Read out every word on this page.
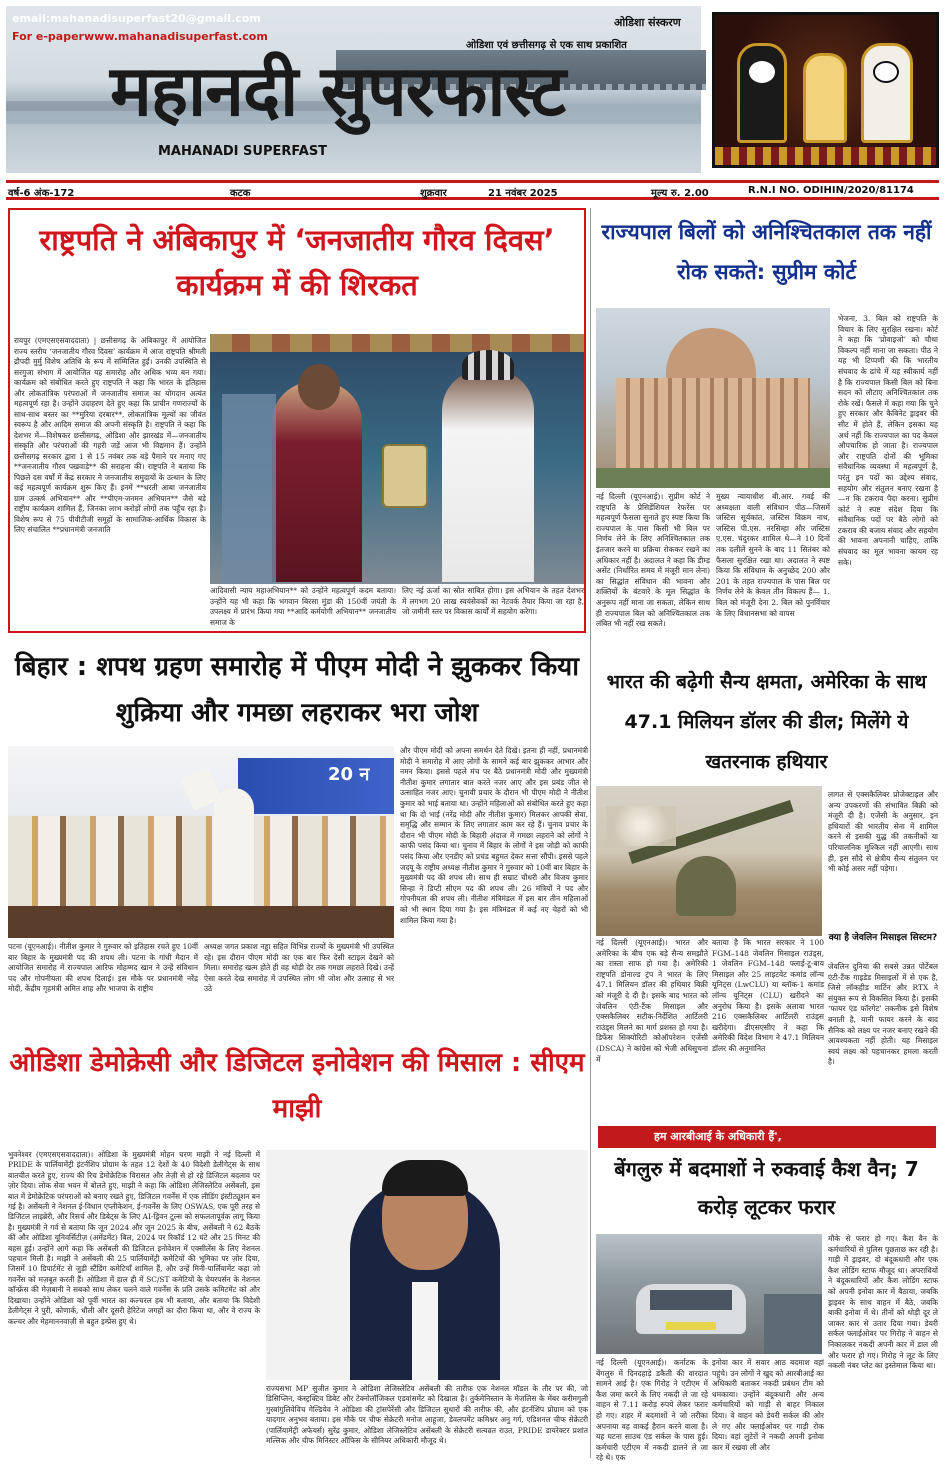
email:mahanadisuperfast20@gmail.com
For e-paperwww.mahanadisuperfast.com
ओडिशा संस्करण
ओडिशा एवं छत्तीसगढ़ से एक साथ प्रकाशित
महानदी सुपरफास्ट
MAHANADI SUPERFAST
वर्ष-6 अंक-172	कटक	शुक्रवार	21 नवंबर 2025	मूल्य रु. 2.00	R.N.I NO. ODIHIN/2020/81174
राष्ट्रपति ने अंबिकापुर में ‘जनजातीय गौरव दिवस’ कार्यक्रम में की शिरकत
रायपुर (एमएसएसवाददाता) | छत्तीसगढ़ के अंबिकापुर में आयोजित राज्य स्तरीय ‘जनजातीय गौरव दिवस’ कार्यक्रम में आज राष्ट्रपति श्रीमती द्रौपदी मुर्मु विशेष अतिथि के रूप में सम्मिलित हुईं। उनकी उपस्थिति से सरगुजा संभाग में आयोजित यह समारोह और अधिक भव्य बन गया। कार्यक्रम को संबोधित करते हुए राष्ट्रपति ने कहा कि भारत के इतिहास और लोकतांत्रिक परंपराओं में जनजातीय समाज का योगदान अत्यंत महत्वपूर्ण रहा है। उन्होंने उदाहरण देते हुए कहा कि प्राचीन गणराज्यों के साथ-साथ बस्तर का **मुरिया दरबार**, लोकतांत्रिक मूल्यों का जीवंत स्वरूप है और आदिम समाज की अपनी संस्कृति है। राष्ट्रपति ने कहा कि देशभर में—विशेषकर छत्तीसगढ़, ओडिशा और झारखंड में—जनजातीय संस्कृति और परंपराओं की गहरी जड़ें आज भी विद्यमान हैं। उन्होंने छत्तीसगढ़ सरकार द्वारा 1 से 15 नवंबर तक बड़े पैमाने पर मनाए गए **जनजातीय गौरव पखवाड़े** की सराहना की। राष्ट्रपति ने बताया कि पिछले दस वर्षों में केंद्र सरकार ने जनजातीय समुदायों के उत्थान के लिए कई महत्वपूर्ण कार्यक्रम शुरू किए हैं। इनमें **धरती आबा जनजातीय ग्राम उत्कर्ष अभियान** और **पीएम-जनमन अभियान** जैसे बड़े राष्ट्रीय कार्यक्रम शामिल हैं, जिनका लाभ करोड़ों लोगों तक पहुँच रहा है। विशेष रूप से 75 पीवीटीजी समूहों के सामाजिक-आर्थिक विकास के लिए संचालित **प्रधानमंत्री जनजाति
आदिवासी न्याय महाअभियान** को उन्होंने महत्वपूर्ण कदम बताया। उन्होंने यह भी कहा कि भगवान बिरसा मुंडा की 150वीं जयंती के उपलक्ष्य में प्रारंभ किया गया **आदि कर्मयोगी अभियान** जनजातीय समाज के
लिए नई ऊर्जा का स्रोत साबित होगा। इस अभियान के तहत देशभर में लगभग 20 लाख स्वयंसेवकों का नेटवर्क तैयार किया जा रहा है, जो जमीनी स्तर पर विकास कार्यों में सहयोग करेगा।
राज्यपाल बिलों को अनिश्चितकाल तक नहीं रोक सकते: सुप्रीम कोर्ट
भेजना, 3. बिल को राष्ट्रपति के विचार के लिए सुरक्षित रखना। कोर्ट ने कहा कि ‘प्रोवाइजो’ को चौथा विकल्प नहीं माना जा सकता। पीठ ने यह भी टिप्पणी की कि भारतीय संघवाद के ढांचे में यह स्वीकार्य नहीं है कि राज्यपाल किसी बिल को बिना सदन को लौटाए अनिश्चितकाल तक रोके रखें। फैसले में कहा गया कि चुने हुए सरकार और कैबिनेट ड्राइवर की सीट में होते हैं, लेकिन इसका यह अर्थ नहीं कि राज्यपाल का पद केवल औपचारिक हो जाता है। राज्यपाल और राष्ट्रपति दोनों की भूमिका संवैधानिक व्यवस्था में महत्वपूर्ण है, परंतु इन पदों का उद्देश्य संवाद, सहयोग और संतुलन बनाए रखना है—न कि टकराव पैदा करना। सुप्रीम कोर्ट ने स्पष्ट संदेश दिया कि संवैधानिक पदों पर बैठे लोगों को टकराव की बजाय संवाद और सहयोग की भावना अपनानी चाहिए, ताकि संघवाद का मूल भावना कायम रह सके।
नई दिल्ली (यूएनआई)। सुप्रीम कोर्ट ने राष्ट्रपति के प्रेसिडेंशियल रेफरेंस पर महत्वपूर्ण फैसला सुनाते हुए स्पष्ट किया कि राज्यपाल के पास किसी भी बिल पर निर्णय लेने के लिए अनिश्चितकाल तक इंतजार करने या प्रक्रिया रोककर रखने का अधिकार नहीं है। अदालत ने कहा कि डीम्ड असेंट (निर्धारित समय में मंजूरी मान लेना) का सिद्धांत संविधान की भावना और शक्तियों के बंटवारे के मूल सिद्धांत के अनुरूप नहीं माना जा सकता, लेकिन साथ ही राज्यपाल बिल को अनिश्चितकाल तक लंबित भी नहीं रख सकते।
मुख्य न्यायाधीश बी.आर. गवई की अध्यक्षता वाली संविधान पीठ—जिसमें जस्टिस सूर्यकांत, जस्टिस विक्रम नाथ, जस्टिस पी.एस. नरसिम्हा और जस्टिस ए.एस. चंदुरकर शामिल थे—ने 10 दिनों तक दलीलें सुनने के बाद 11 सितंबर को फैसला सुरक्षित रखा था। अदालत ने स्पष्ट किया कि संविधान के अनुच्छेद 200 और 201 के तहत राज्यपाल के पास बिल पर निर्णय लेने के केवल तीन विकल्प हैं— 1. बिल को मंजूरी देना 2. बिल को पुनर्विचार के लिए विधानसभा को वापस
बिहार : शपथ ग्रहण समारोह में पीएम मोदी ने झुककर किया शुक्रिया और गमछा लहराकर भरा जोश
20 न
और पीएम मोदी को अपना समर्थन देते दिखे। इतना ही नहीं, प्रधानमंत्री मोदी ने समारोह में आए लोगों के सामने कई बार झुककर आभार और नमन किया। इससे पहले मंच पर बैठे प्रधानमंत्री मोदी और मुख्यमंत्री नीतीश कुमार लगातार बात करते नजर आए और इस प्रबंड जीत से उत्साहित नजर आए। चुनावी प्रचार के दौरान भी पीएम मोदी ने नीतीश कुमार को भाई बताया था। उन्होंने महिलाओं को संबोधित करते हुए कहा था कि दो भाई (नरेंद्र मोदी और नीतीश कुमार) मिलकर आपकी सेवा, समृद्धि और सम्मान के लिए लगातार काम कर रहे हैं। चुनाव प्रचार के दौरान भी पीएम मोदी के बिहारी अंदाज में गमछा लहराने को लोगों ने काफी पसंद किया था। चुनाव में बिहार के लोगों ने इस जोड़ी को काफी पसंद किया और एनडीए को प्रचंड बहुमत देकर सत्ता सौंपी। इससे पहले जदयू के राष्ट्रीय अध्यक्ष नीतीश कुमार ने गुरुवार को 10वीं बार बिहार के मुख्यमंत्री पद की शपथ ली। साथ ही सम्राट चौधरी और विजय कुमार सिन्हा ने डिप्टी सीएम पद की शपथ ली। 26 मंत्रियों ने पद और गोपनीयता की शपथ ली। नीतीश मंत्रिमंडल में इस बार तीन महिलाओं को भी स्थान दिया गया है। इस मंत्रिमंडल में कई नए चेहरों को भी शामिल किया गया है।
पटना (यूएनआई)। नीतीश कुमार ने गुरुवार को इतिहास रचते हुए 10वीं बार बिहार के मुख्यमंत्री पद की शपथ ली। पटना के गांधी मैदान में आयोजित समारोह में राज्यपाल आरिफ मोहम्मद खान ने उन्हें संविधान पद और गोपनीयता की शपथ दिलाई। इस मौके पर प्रधानमंत्री नरेंद्र मोदी, केंद्रीय गृहमंत्री अमित शाह और भाजपा के राष्ट्रीय
अध्यक्ष जगत प्रकाश नड्डा सहित विभिन्न राज्यों के मुख्यमंत्री भी उपस्थित रहे। इस दौरान पीएम मोदी का एक बार फिर देसी स्टाइल देखने को मिला। समारोह खत्म होते ही वह थोड़ी देर तक गमछा लहराते दिखे। उन्हें ऐसा करते देख समारोह में उपस्थित लोग भी जोश और उत्साह से भर उठे
भारत की बढ़ेगी सैन्य क्षमता, अमेरिका के साथ 47.1 मिलियन डॉलर की डील; मिलेंगे ये खतरनाक हथियार
लागत से एक्सकैलिबर प्रोजेक्टाइल और अन्य उपकरणों की संभावित बिक्री को मंजूरी दी है। एजेंसी के अनुसार, इन हथियारों की भारतीय सेना में शामिल करने से इसकी युद्ध की तकनीकों या परिचालनिक मुश्किल नहीं आएगी। साथ ही, इस सौदे से क्षेत्रीय सैन्य संतुलन पर भी कोई असर नहीं पड़ेगा।
क्या है जेवलिन मिसाइल सिस्टम?
जेवलिन दुनिया की सबसे उन्नत पोर्टेबल एंटी-टैंक गाइडेड मिसाइलों में से एक है, जिसे लॉकहीड मार्टिन और RTX ने संयुक्त रूप से विकसित किया है। इसकी ‘फायर एंड फॉरगेट’ तकनीक इसे विशेष बनाती है, यानी फायर करने के बाद सैनिक को लक्ष्य पर नजर बनाए रखने की आवश्यकता नहीं होती। यह मिसाइल स्वयं लक्ष्य को पहचानकर हमला करती है।
नई दिल्ली (यूएनआई)। भारत और अमेरिका के बीच एक बड़े सैन्य समझौते का रास्ता साफ हो गया है। अमेरिकी राष्ट्रपति डोनाल्ड ट्रंप ने भारत के लिए 47.1 मिलियन डॉलर की हथियार बिक्री को मंजूरी दे दी है। इसके बाद भारत को जेवलिन एंटी-टैंक मिसाइल और एक्सकैलिबर सटीक-निर्देशित आर्टिलरी राउंड्स मिलने का मार्ग प्रशस्त हो गया है। डिफेंस सिक्योरिटी कोऑपरेशन एजेंसी (DSCA) ने कांग्रेस को भेजी अधिसूचना में
बताया है कि भारत सरकार ने 100 FGM–148 जेवलिन मिसाइल राउंड्स, 1 जेवलिन FGM–148 फ्लाई-टू-बाय मिसाइल और 25 लाइटवेट कमांड लॉन्च यूनिट्स (LwCLU) या ब्लॉक-1 कमांड लॉन्च यूनिट्स (CLU) खरीदने का अनुरोध किया है। इसके अलावा भारत 216 एक्सकैलिबर आर्टिलरी राउंड्स खरीदेगा। डीएसएसीए ने कहा कि अमेरिकी विदेश विभाग ने 47.1 मिलियन डॉलर की अनुमानित
ओडिशा डेमोक्रेसी और डिजिटल इनोवेशन की मिसाल : सीएम माझी
भुवनेश्वर (एमएसएसवाददाता)। ओडिशा के मुख्यमंत्री मोहन चरण माझी ने नई दिल्ली में PRIDE के पार्लियामेंट्री इंटर्नशिप प्रोग्राम के तहत 12 देशों के 40 विदेशी डेलीगेट्स के साथ बातचीत करते हुए, राज्य की रिच डेमोक्रेटिक विरासत और तेज़ी से हो रहे डिजिटल बदलाव पर ज़ोर दिया। लोक सेवा भवन में बोलते हुए, माझी ने कहा कि ओडिशा लेजिस्लेटिव असेंबली, इस बात में डेमोक्रेटिक परंपराओं को बनाए रखते हुए, डिजिटल गवर्नेंस में एक लीडिंग इंस्टीट्यूशन बन गई है। असेंबली ने नेशनल ई-विधान एप्लीकेशन, ई-गवर्नेंस के लिए OSWAS, एक पूरी तरह से डिजिटल लाइब्रेरी, और रिसर्च और डिबेट्स के लिए AI-ड्रिवन टूल्स को सफलतापूर्वक लागू किया है। मुख्यमंत्री ने गर्व से बताया कि जून 2024 और जून 2025 के बीच, असेंबली ने 62 बैठकें कीं और ओडिशा यूनिवर्सिटीज़ (अमेंडमेंट) बिल, 2024 पर रिकॉर्ड 12 घंटे और 25 मिनट की बहस हुई। उन्होंने आगे कहा कि असेंबली की डिजिटल इनोवेशन में एक्सीलेंस के लिए नेशनल पहचान मिली है। माझी ने असेंबली की 25 पार्लियामेंट्री कमेटियों की भूमिका पर ज़ोर दिया, जिसमें 10 डिपार्टमेंट से जुड़ी स्टैंडिंग कमेटियाँ शामिल हैं, और उन्हें मिनी-पार्लियामेंट कहा जो गवर्नेंस को मज़बूत करती हैं। ओडिशा में हाल ही में SC/ST कमेटियों के चेयरपर्सन के नेशनल कॉन्फ्रेंस की मेज़बानी ने सबको साथ लेकर चलने वाले गवर्नेंस के प्रति उसके कमिटमेंट को और दिखाया। उन्होंने ओडिशा को पूर्वी भारत का कल्चरल हब भी बताया, और बताया कि विदेशी डेलीगेट्स ने पुरी, कोणार्क, धौली और दूसरी हेरिटेज जगहों का दौरा किया था, और वे राज्य के कल्चर और मेहमाननवाज़ी से बहुत इम्प्रेस हुए थे।
राज्यसभा MP सुजीत कुमार ने ओडिशा लेजिस्लेटिव असेंबली की तारीफ़ एक नेशनल मॉडल के तौर पर की, जो डिसिप्लिन, कंस्ट्रक्टिव डिबेट और टेक्नोलॉजिकल एडवांसमेंट को दिखाता है। तुर्कमेनिस्तान के मेजलिस के मेंबर करीमगुली गुरबांगुलियेविच गेल्डियेव ने ओडिशा की ट्रांसपेरेंसी और डिजिटल सुधारों की तारीफ़ की, और इंटर्नशिप प्रोग्राम को एक यादगार अनुभव बताया। इस मौके पर चीफ सेक्रेटरी मनोज आहूजा, डेवलपमेंट कमिश्नर अनु गर्ग, एडिशनल चीफ सेक्रेटरी (पार्लियामेंट्री अफेयर्स) सुरेंद्र कुमार, ओडिशा लेजिस्लेटिव असेंबली के सेक्रेटरी सत्यव्रत राउत, PRIDE डायरेक्टर प्रशांत मल्लिक और चीफ मिनिस्टर ऑफिस के सीनियर अधिकारी मौजूद थे।
हम आरबीआई के अधिकारी हैं',
बेंगलुरु में बदमाशों ने रुकवाई कैश वैन; 7 करोड़ लूटकर फरार
मौके से फरार हो गए। कैश वैन के कर्मचारियों से पुलिस पूछताछ कर रही है। गाड़ी में ड्राइवर, दो बंदूकधारी और एक कैश लोडिंग स्टाफ मौजूद था। अपराधियों ने बंदूकधारियों और कैश लोडिंग स्टाफ को अपनी इनोवा कार में बैठाया, जबकि ड्राइवर के साथ वाहन में बैठे, जबकि बाकी इनोवा में थे। तीनों को थोड़ी दूर ले जाकर कार से उतार दिया गया। डेयरी सर्कल फ्लाईओवर पर गिरोह ने वाहन से निकालकर नकदी अपनी कार में डाल ली और फरार हो गए। गिरोह ने लूट के लिए नकली नंबर प्लेट का इस्तेमाल किया था।
नई दिल्ली (यूएनआई)। कर्नाटक के बेंगलुरु में दिनदहाड़े डकैती की वारदात सामने आई है। एक गिरोह ने एटीएम में कैश जमा करने के लिए नकदी ले जा रहे वाहन से 7.11 करोड़ रुपये लेकर फरार हो गए। शहर में बदमाशों ने जो तरीका अपनाया वह वाकई हैरान करने वाला है। यह घटना साउथ एंड सर्कल के पास हुई। कर्मचारी एटीएम में नकदी डालने ले जा रहे थे। एक
इनोवा कार में सवार आठ बदमाश वहां पहुंचे। उन लोगों ने खुद को आरबीआई का अधिकारी बताकर नकदी प्रबंधन टीम को धमकाया। उन्होंने बंदूकधारी और अन्य कर्मचारियों को गाड़ी से बाहर निकाल दिया। वे वाहन को डेयरी सर्कल की ओर ले गए और फ्लाईओवर पर गाड़ी रोक दिया। वहां लुटेरों ने नकदी अपनी इनोवा कार में रखवा ली और
